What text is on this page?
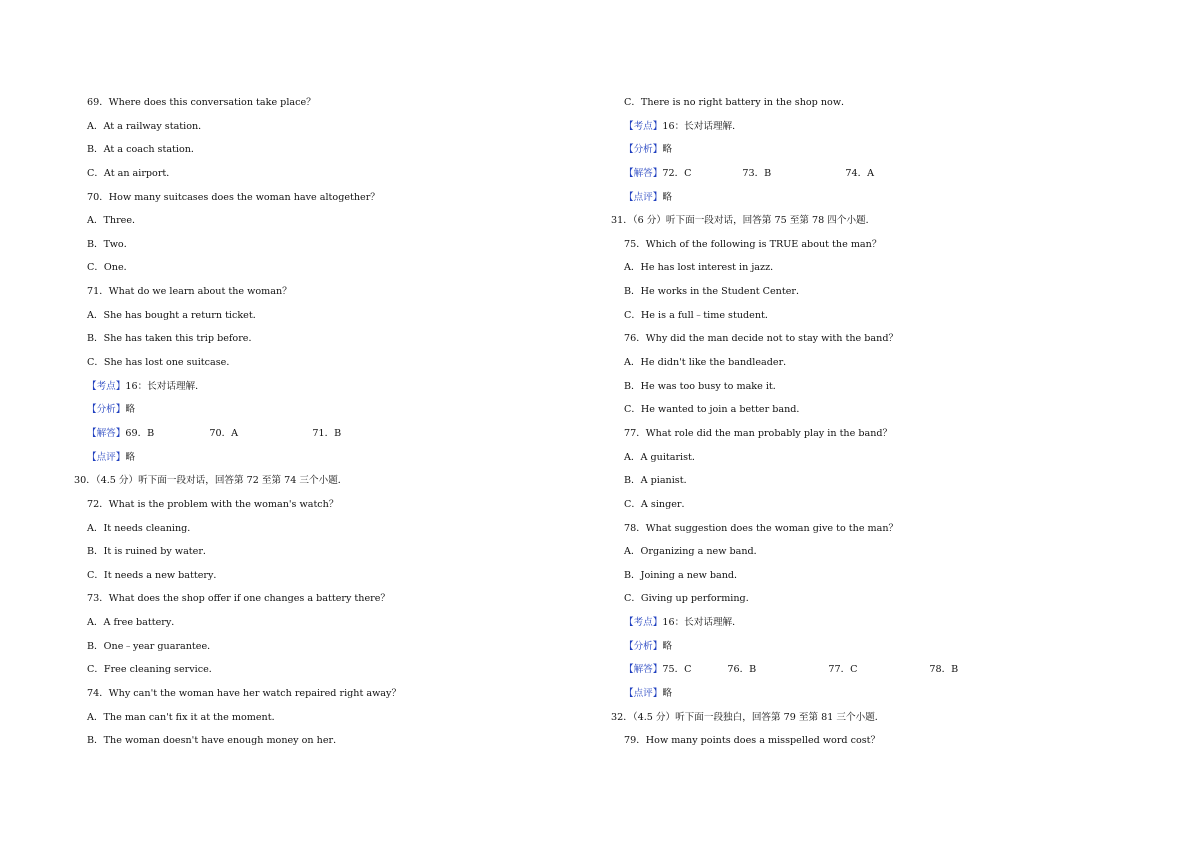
69．Where does this conversation take place？
A．At a railway station．
B．At a coach station．
C．At an airport．
70．How many suitcases does the woman have altogether？
A．Three．
B．Two．
C．One．
71．What do we learn about the woman？
A．She has bought a return ticket．
B．She has taken this trip before．
C．She has lost one suitcase．
【考点】16：长对话理解．
【分析】略
【解答】69．B	70．A	71．B
【点评】略
30．（4.5 分）听下面一段对话，回答第 72 至第 74 三个小题．
72．What is the problem with the woman's watch？
A．It needs cleaning．
B．It is ruined by water．
C．It needs a new battery．
73．What does the shop offer if one changes a battery there？
A．A free battery．
B．One﹣year guarantee．
C．Free cleaning service．
74．Why can't the woman have her watch repaired right away？
A．The man can't fix it at the moment．
B．The woman doesn't have enough money on her．
C．There is no right battery in the shop now．
【考点】16：长对话理解．
【分析】略
【解答】72．C	73．B	74．A
【点评】略
31．（6 分）听下面一段对话，回答第 75 至第 78 四个小题．
75．Which of the following is TRUE about the man？
A．He has lost interest in jazz．
B．He works in the Student Center．
C．He is a full﹣time student．
76．Why did the man decide not to stay with the band？
A．He didn't like the bandleader．
B．He was too busy to make it．
C．He wanted to join a better band．
77．What role did the man probably play in the band？
A．A guitarist．
B．A pianist．
C．A singer．
78．What suggestion does the woman give to the man？
A．Organizing a new band．
B．Joining a new band．
C．Giving up performing．
【考点】16：长对话理解．
【分析】略
【解答】75．C	76．B	77．C	78．B
【点评】略
32．（4.5 分）听下面一段独白，回答第 79 至第 81 三个小题．
79．How many points does a misspelled word cost？
